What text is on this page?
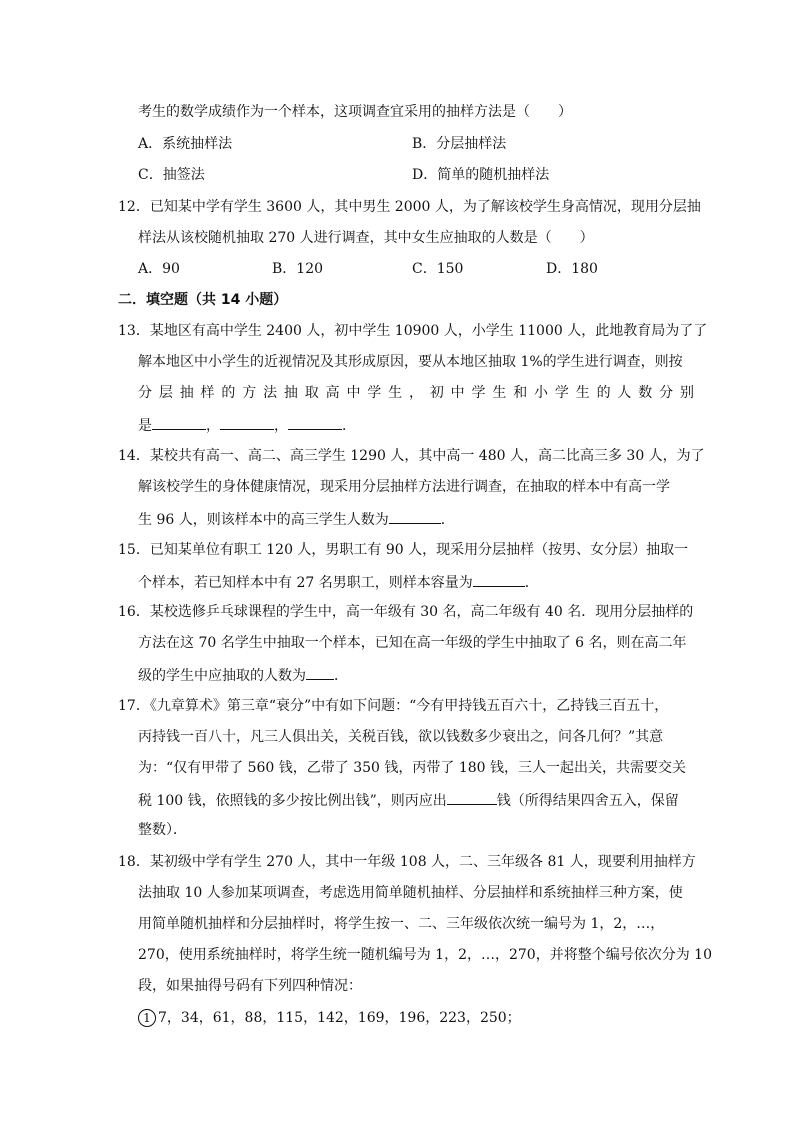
考生的数学成绩作为一个样本，这项调查宜采用的抽样方法是（　　）
A．系统抽样法	B．分层抽样法
C．抽签法	D．简单的随机抽样法
12．已知某中学有学生 3600 人，其中男生 2000 人，为了解该校学生身高情况，现用分层抽
样法从该校随机抽取 270 人进行调查，其中女生应抽取的人数是（　　）
A．90	B．120	C．150	D．180
二．填空题（共 14 小题）
13．某地区有高中学生 2400 人，初中学生 10900 人，小学生 11000 人，此地教育局为了了
解本地区中小学生的近视情况及其形成原因，要从本地区抽取 1%的学生进行调查，则按
分 层 抽 样 的 方 法 抽 取 高 中 学 生 ， 初 中 学 生 和 小 学 生 的 人 数 分 别
是	，	，	．
14．某校共有高一、高二、高三学生 1290 人，其中高一 480 人，高二比高三多 30 人，为了
解该校学生的身体健康情况，现采用分层抽样方法进行调查，在抽取的样本中有高一学
生 96 人，则该样本中的高三学生人数为	．
15．已知某单位有职工 120 人，男职工有 90 人，现采用分层抽样（按男、女分层）抽取一
个样本，若已知样本中有 27 名男职工，则样本容量为	．
16．某校选修乒乓球课程的学生中，高一年级有 30 名，高二年级有 40 名．现用分层抽样的
方法在这 70 名学生中抽取一个样本，已知在高一年级的学生中抽取了 6 名，则在高二年
级的学生中应抽取的人数为 ．
17．《九章算术》第三章“衰分”中有如下问题：“今有甲持钱五百六十，乙持钱三百五十，
丙持钱一百八十，凡三人俱出关，关税百钱，欲以钱数多少衰出之，问各几何？”其意
为：“仅有甲带了 560 钱，乙带了 350 钱，丙带了 180 钱，三人一起出关，共需要交关
税 100 钱，依照钱的多少按比例出钱”，则丙应出	钱（所得结果四舍五入，保留
整数）．
18．某初级中学有学生 270 人，其中一年级 108 人，二、三年级各 81 人，现要利用抽样方
法抽取 10 人参加某项调查，考虑选用简单随机抽样、分层抽样和系统抽样三种方案，使
用简单随机抽样和分层抽样时，将学生按一、二、三年级依次统一编号为 1，2，…，
270，使用系统抽样时，将学生统一随机编号为 1，2，…，270，并将整个编号依次分为 10
段，如果抽得号码有下列四种情况：
1 7，34，61，88，115，142，169，196，223，250；
